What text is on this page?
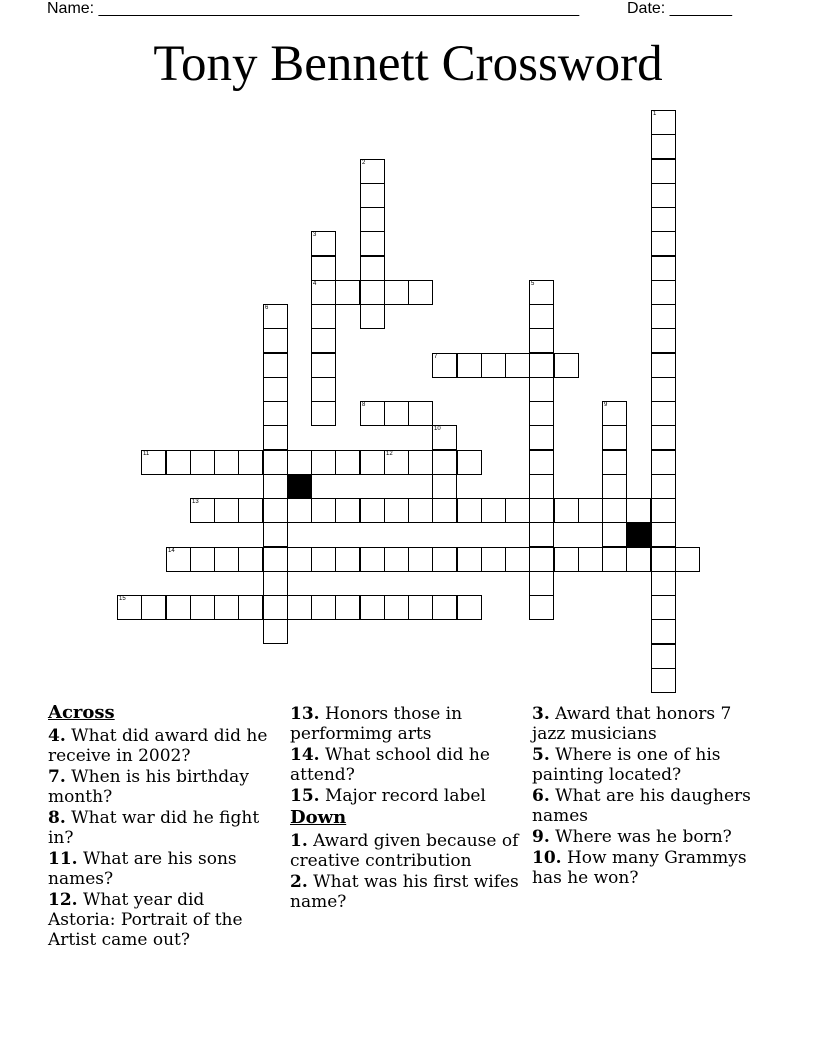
Name: ______________________________________________________	Date: _______
Tony Bennett Crossword
1
2
3
4	5
6
7
8	9
10
11	12
13
14
15
Across
4. What did award did he receive in 2002?
7. When is his birthday month?
8. What war did he fight in?
11. What are his sons names?
12. What year did Astoria: Portrait of the Artist came out?
13. Honors those in performimg arts
14. What school did he attend?
15. Major record label
Down
1. Award given because of creative contribution
2. What was his first wifes name?
3. Award that honors 7 jazz musicians
5. Where is one of his painting located?
6. What are his daughers names
9. Where was he born?
10. How many Grammys has he won?
